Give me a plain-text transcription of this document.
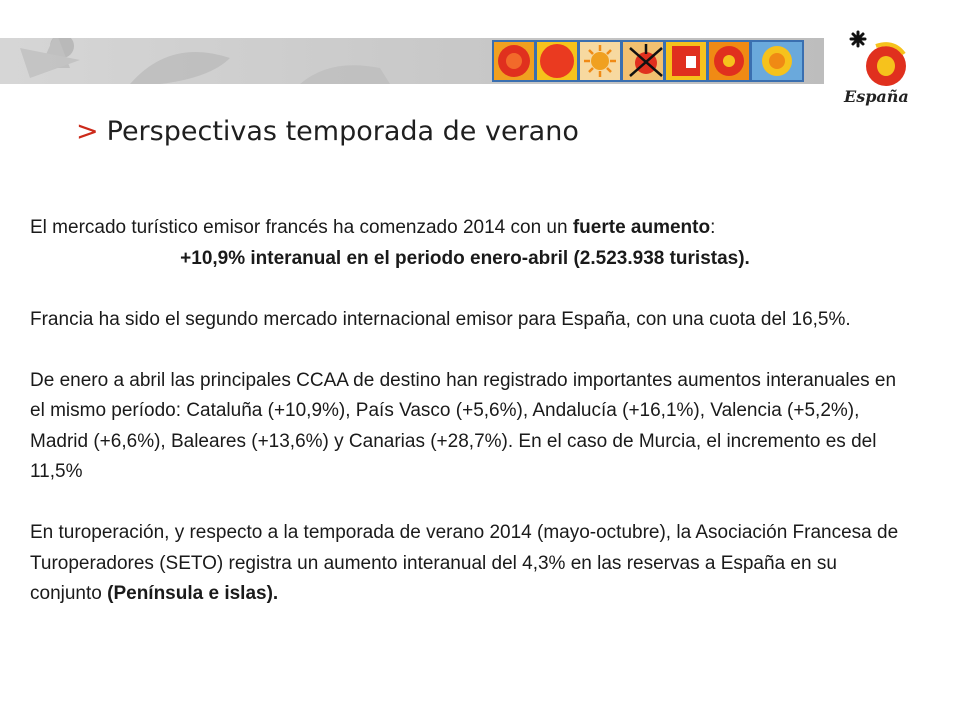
España
> Perspectivas temporada de verano

El mercado turístico emisor francés ha comenzado 2014 con un fuerte aumento:

+10,9% interanual en el periodo enero-abril (2.523.938 turistas).

Francia ha sido el segundo mercado internacional emisor para España, con una cuota del 16,5%.

De enero a abril las principales CCAA de destino han registrado importantes aumentos interanuales en el mismo período: Cataluña (+10,9%), País Vasco (+5,6%), Andalucía (+16,1%), Valencia (+5,2%), Madrid (+6,6%), Baleares (+13,6%) y Canarias (+28,7%). En el caso de Murcia, el incremento es del 11,5%

En turoperación, y respecto a la temporada de verano 2014 (mayo-octubre), la Asociación Francesa de Turoperadores (SETO) registra un aumento interanual del 4,3% en las reservas a España en su conjunto (Península e islas).
